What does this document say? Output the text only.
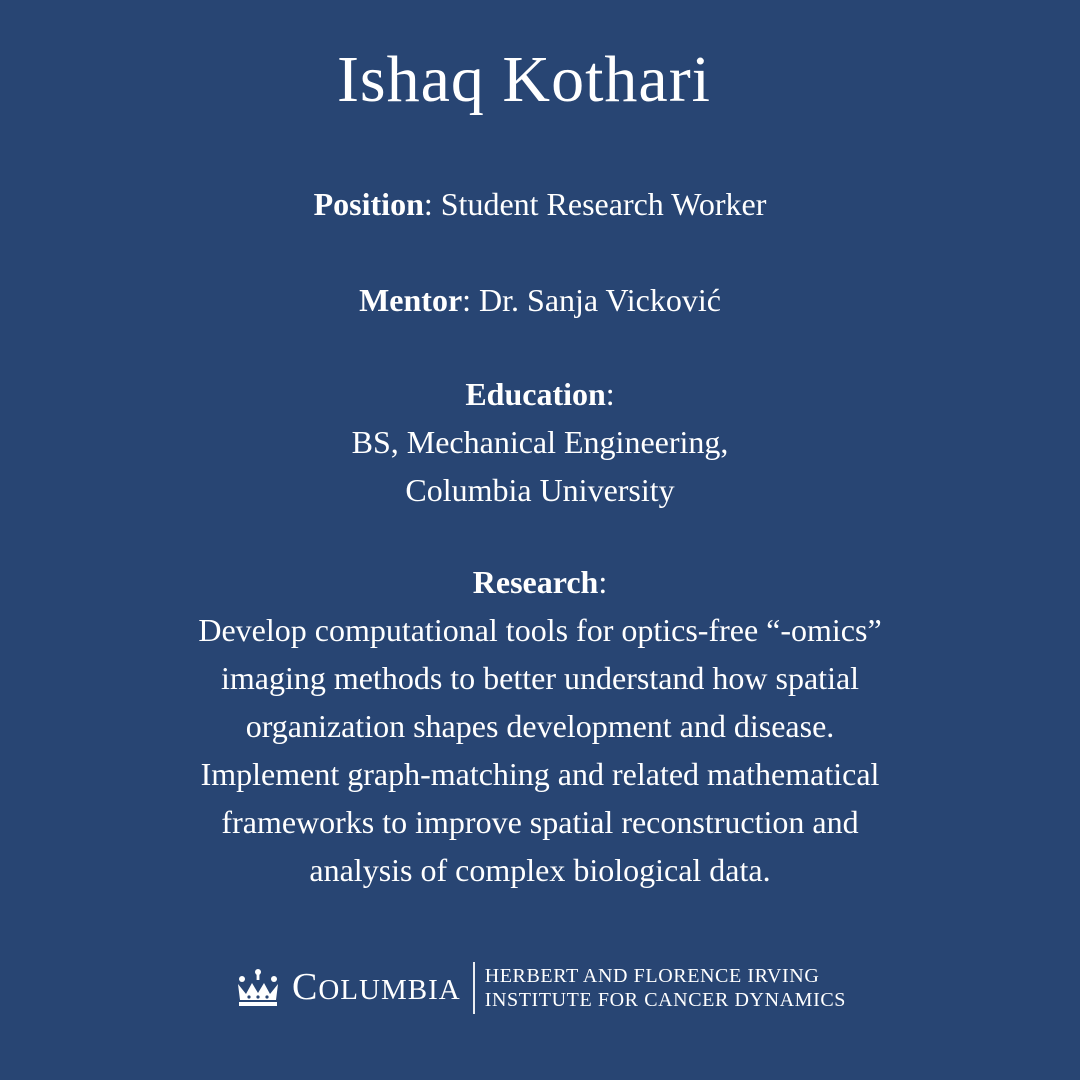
Ishaq Kothari
Position: Student Research Worker
Mentor: Dr. Sanja Vicković
Education:
BS, Mechanical Engineering,
Columbia University
Research:
Develop computational tools for optics-free “-omics”
imaging methods to better understand how spatial
organization shapes development and disease.
Implement graph-matching and related mathematical
frameworks to improve spatial reconstruction and
analysis of complex biological data.
COLUMBIA HERBERT AND FLORENCE IRVING
INSTITUTE FOR CANCER DYNAMICS
